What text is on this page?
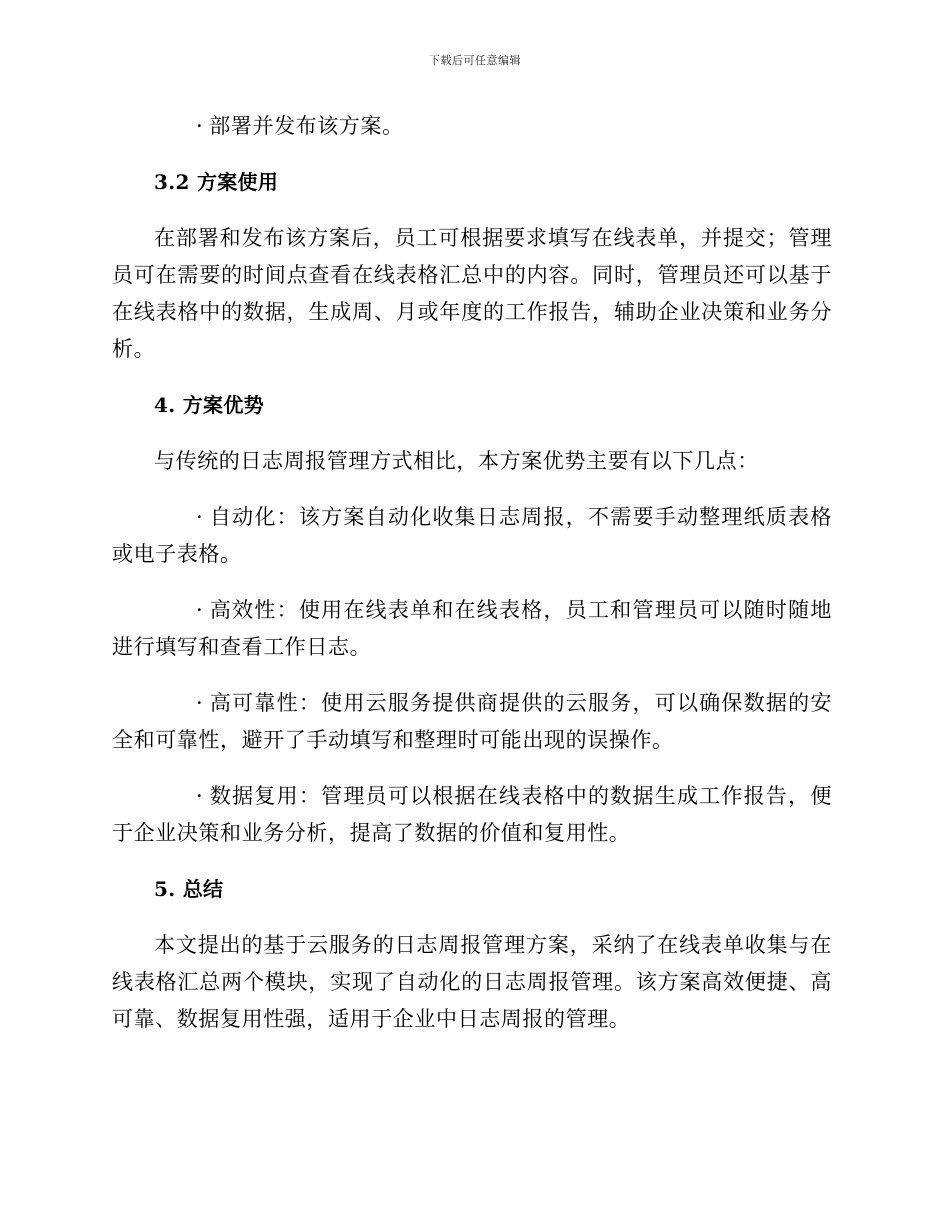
下载后可任意编辑

· 部署并发布该方案。

3.2 方案使用

在部署和发布该方案后，员工可根据要求填写在线表单，并提交；管理员可在需要的时间点查看在线表格汇总中的内容。同时，管理员还可以基于在线表格中的数据，生成周、月或年度的工作报告，辅助企业决策和业务分析。

4. 方案优势

与传统的日志周报管理方式相比，本方案优势主要有以下几点：

· 自动化：该方案自动化收集日志周报，不需要手动整理纸质表格或电子表格。

· 高效性：使用在线表单和在线表格，员工和管理员可以随时随地进行填写和查看工作日志。

· 高可靠性：使用云服务提供商提供的云服务，可以确保数据的安全和可靠性，避开了手动填写和整理时可能出现的误操作。

· 数据复用：管理员可以根据在线表格中的数据生成工作报告，便于企业决策和业务分析，提高了数据的价值和复用性。

5. 总结

本文提出的基于云服务的日志周报管理方案，采纳了在线表单收集与在线表格汇总两个模块，实现了自动化的日志周报管理。该方案高效便捷、高可靠、数据复用性强，适用于企业中日志周报的管理。
